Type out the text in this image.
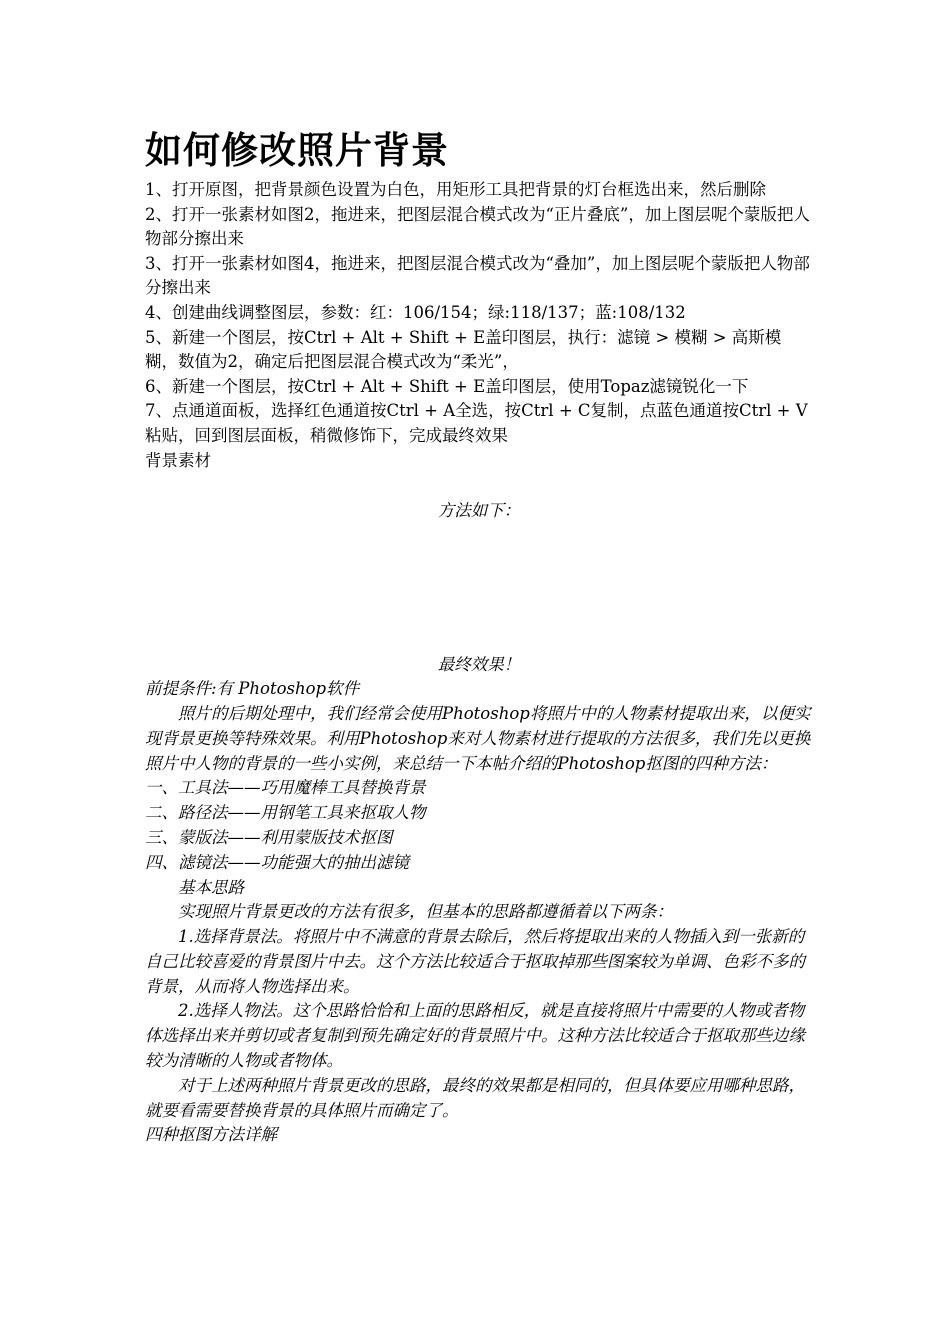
如何修改照片背景

1、打开原图，把背景颜色设置为白色，用矩形工具把背景的灯台框选出来，然后删除

2、打开一张素材如图2，拖进来，把图层混合模式改为“正片叠底”，加上图层呢个蒙版把人物部分擦出来

3、打开一张素材如图4，拖进来，把图层混合模式改为“叠加”，加上图层呢个蒙版把人物部分擦出来

4、创建曲线调整图层，参数：红：106/154；绿:118/137；蓝:108/132

5、新建一个图层，按Ctrl + Alt + Shift + E盖印图层，执行：滤镜 > 模糊 > 高斯模糊，数值为2，确定后把图层混合模式改为“柔光”，

6、新建一个图层，按Ctrl + Alt + Shift + E盖印图层，使用Topaz滤镜锐化一下

7、点通道面板，选择红色通道按Ctrl + A全选，按Ctrl + C复制，点蓝色通道按Ctrl + V粘贴，回到图层面板，稍微修饰下，完成最终效果

背景素材

方法如下：
最终效果！

前提条件:有 Photoshop软件

照片的后期处理中，我们经常会使用Photoshop将照片中的人物素材提取出来，以便实现背景更换等特殊效果。利用Photoshop来对人物素材进行提取的方法很多，我们先以更换照片中人物的背景的一些小实例，来总结一下本帖介绍的Photoshop抠图的四种方法：

一、工具法——巧用魔棒工具替换背景

二、路径法——用钢笔工具来抠取人物

三、蒙版法——利用蒙版技术抠图

四、滤镜法——功能强大的抽出滤镜

基本思路

实现照片背景更改的方法有很多，但基本的思路都遵循着以下两条：

1.选择背景法。将照片中不满意的背景去除后，然后将提取出来的人物插入到一张新的自己比较喜爱的背景图片中去。这个方法比较适合于抠取掉那些图案较为单调、色彩不多的背景，从而将人物选择出来。

2.选择人物法。这个思路恰恰和上面的思路相反，就是直接将照片中需要的人物或者物体选择出来并剪切或者复制到预先确定好的背景照片中。这种方法比较适合于抠取那些边缘较为清晰的人物或者物体。

对于上述两种照片背景更改的思路，最终的效果都是相同的，但具体要应用哪种思路，就要看需要替换背景的具体照片而确定了。

四种抠图方法详解
